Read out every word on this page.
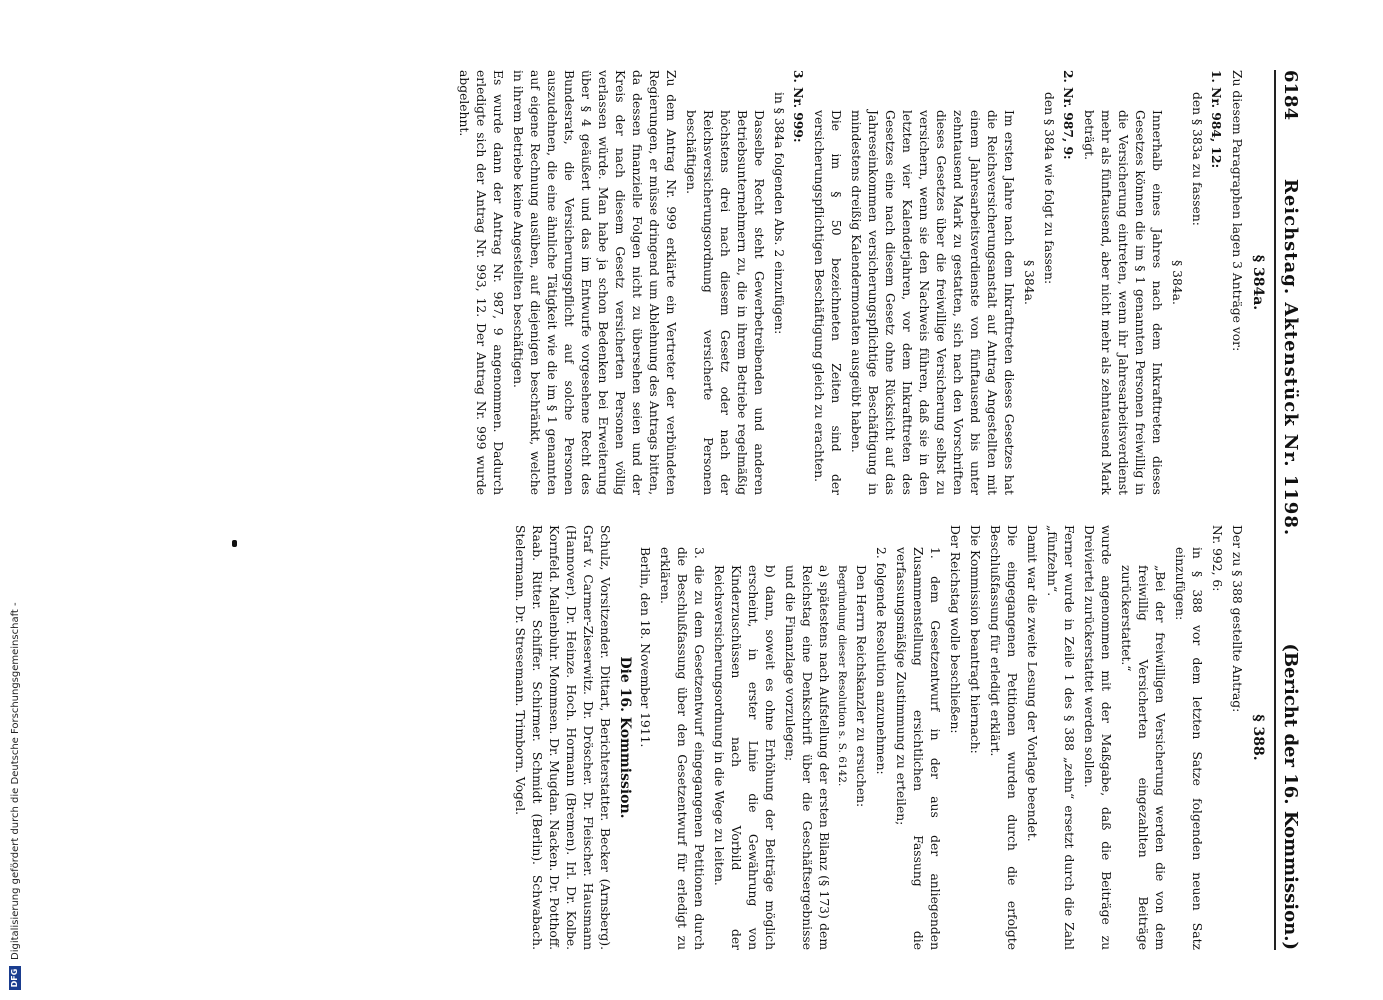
6184
Reichstag. Aktenstück Nr. 1198.
(Bericht der 16. Kommission.)
§ 384a.

Zu diesem Paragraphen lagen 3 Anträge vor:

1. Nr. 984, 12:

den § 383a zu fassen:

§ 384a.

Innerhalb eines Jahres nach dem Inkrafttreten dieses Gesetzes können die im § 1 genannten Personen freiwillig in die Versicherung eintreten, wenn ihr Jahresarbeitsverdienst mehr als fünftausend, aber nicht mehr als zehntausend Mark beträgt.

2. Nr. 987, 9:

den § 384a wie folgt zu fassen:

§ 384a.

Im ersten Jahre nach dem Inkrafttreten dieses Gesetzes hat die Reichsversicherungsanstalt auf Antrag Angestellten mit einem Jahresarbeitsverdienste von fünftausend bis unter zehntausend Mark zu gestatten, sich nach den Vorschriften dieses Gesetzes über die freiwillige Versicherung selbst zu versichern, wenn sie den Nachweis führen, daß sie in den letzten vier Kalenderjahren, vor dem Inkrafttreten des Gesetzes eine nach diesem Gesetz ohne Rücksicht auf das Jahreseinkommen versicherungspflichtige Beschäftigung in mindestens dreißig Kalendermonaten ausgeübt haben.

Die im § 50 bezeichneten Zeiten sind der versicherungspflichtigen Beschäftigung gleich zu erachten.

3. Nr. 999:

in § 384a folgenden Abs. 2 einzufügen:

Dasselbe Recht steht Gewerbetreibenden und anderen Betriebsunternehmern zu, die in ihrem Betriebe regelmäßig höchstens drei nach diesem Gesetz oder nach der Reichsversicherungsordnung versicherte Personen beschäftigen.

Zu dem Antrag Nr. 999 erklärte ein Vertreter der verbündeten Regierungen, er müsse dringend um Ablehnung des Antrags bitten, da dessen finanzielle Folgen nicht zu übersehen seien und der Kreis der nach diesem Gesetz versicherten Personen völlig verlassen würde. Man habe ja schon Bedenken bei Erweiterung über § 4 geäußert und das im Entwurfe vorgesehene Recht des Bundesrats, die Versicherungspflicht auf solche Personen auszudehnen, die eine ähnliche Tätigkeit wie die im § 1 genannten auf eigene Rechnung ausüben, auf diejenigen beschränkt, welche in ihrem Betriebe keine Angestellten beschäftigen.

Es wurde dann der Antrag Nr. 987, 9 angenommen. Dadurch erledigte sich der Antrag Nr. 993, 12. Der Antrag Nr. 999 wurde abgelehnt.

§ 388.

Der zu § 388 gestellte Antrag:

Nr. 992, 6:

in § 388 vor dem letzten Satze folgenden neuen Satz einzufügen:

„Bei der freiwilligen Versicherung werden die von dem freiwillig Versicherten eingezahlten Beiträge zurückerstattet.“

wurde angenommen mit der Maßgabe, daß die Beiträge zu Dreiviertel zurückerstattet werden sollen.

Ferner wurde in Zeile 1 des § 388 „zehn“ ersetzt durch die Zahl „fünfzehn“.

Damit war die zweite Lesung der Vorlage beendet.

Die eingegangenen Petitionen wurden durch die erfolgte Beschlußfassung für erledigt erklärt.

Die Kommission beantragt hiernach:

Der Reichstag wolle beschließen:

1. dem Gesetzentwurf in der aus der anliegenden Zusammenstellung ersichtlichen Fassung die verfassungsmäßige Zustimmung zu erteilen;

2. folgende Resolution anzunehmen:

Den Herrn Reichskanzler zu ersuchen:

Begründung dieser Resolution s. S. 6142.

a) spätestens nach Aufstellung der ersten Bilanz (§ 173) dem Reichstag eine Denkschrift über die Geschäftsergebnisse und die Finanzlage vorzulegen;

b) dann, soweit es ohne Erhöhung der Beiträge möglich erscheint, in erster Linie die Gewährung von Kinderzuschüssen nach Vorbild der Reichsversicherungsordnung in die Wege zu leiten.

3. die zu dem Gesetzentwurf eingegangenen Petitionen durch die Beschlußfassung über den Gesetzentwurf für erledigt zu erklären.

Berlin, den 18. November 1911.

Die 16. Kommission.

Schulz, Vorsitzender. Dittart, Berichterstatter. Becker (Arnsberg). Graf v. Carmer-Zieserwitz. Dr. Dröscher. Dr. Fleischer. Hausmann (Hannover). Dr. Heinze. Hoch. Hormann (Bremen). Irl. Dr. Kolbe. Kornfeld. Mallenbuhr. Mommsen. Dr. Mugdan. Nacken. Dr. Potthoff. Raab. Ritter. Schiffer. Schirmer. Schmidt (Berlin). Schwabach. Stelermann. Dr. Stresemann. Trimborn. Vogel.

DFG
Digitalisierung gefördert durch die Deutsche Forschungsgemeinschaft -
